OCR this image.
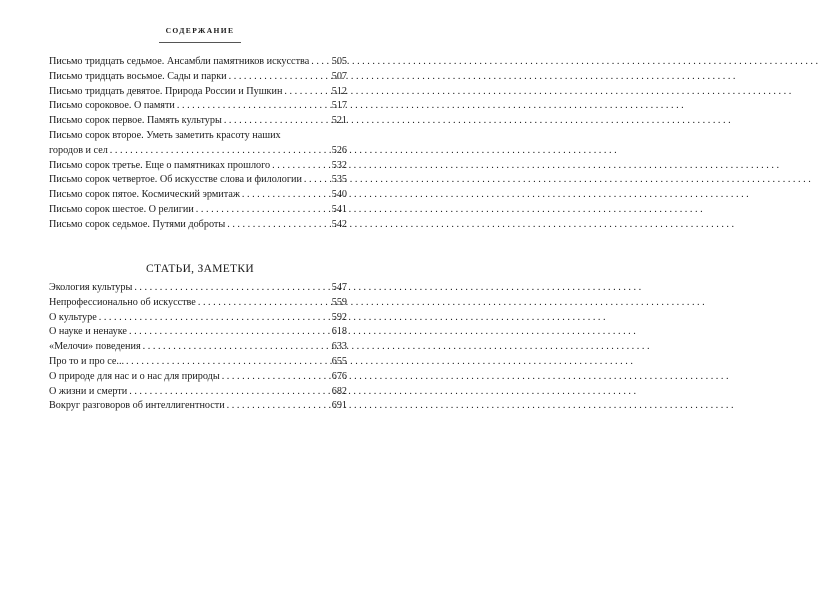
СОДЕРЖАНИЕ
Письмо тридцать седьмое. Ансамбли памятников искусства . . . 505
Письмо тридцать восьмое. Сады и парки . . .	507
Письмо тридцать девятое. Природа России и Пушкин . . .	512
Письмо сороковое. О памяти . . .	517
Письмо сорок первое. Память культуры . . .	521
Письмо сорок второе. Уметь заметить красоту наших
городов и сел . . .	526
Письмо сорок третье. Еще о памятниках прошлого . . .	532
Письмо сорок четвертое. Об искусстве слова и филологии . . .	535
Письмо сорок пятое. Космический эрмитаж . . .	540
Письмо сорок шестое. О религии . . .	541
Письмо сорок седьмое. Путями доброты . . .	542
СТАТЬИ, ЗАМЕТКИ
Экология культуры . . .	547
Непрофессионально об искусстве . . .	559
О культуре . . .	592
О науке и ненауке . . .	618
«Мелочи» поведения . . .	633
Про то и про се... . . .	655
О природе для нас и о нас для природы . . .	676
О жизни и смерти . . .	682
Вокруг разговоров об интеллигентности . . .	691
